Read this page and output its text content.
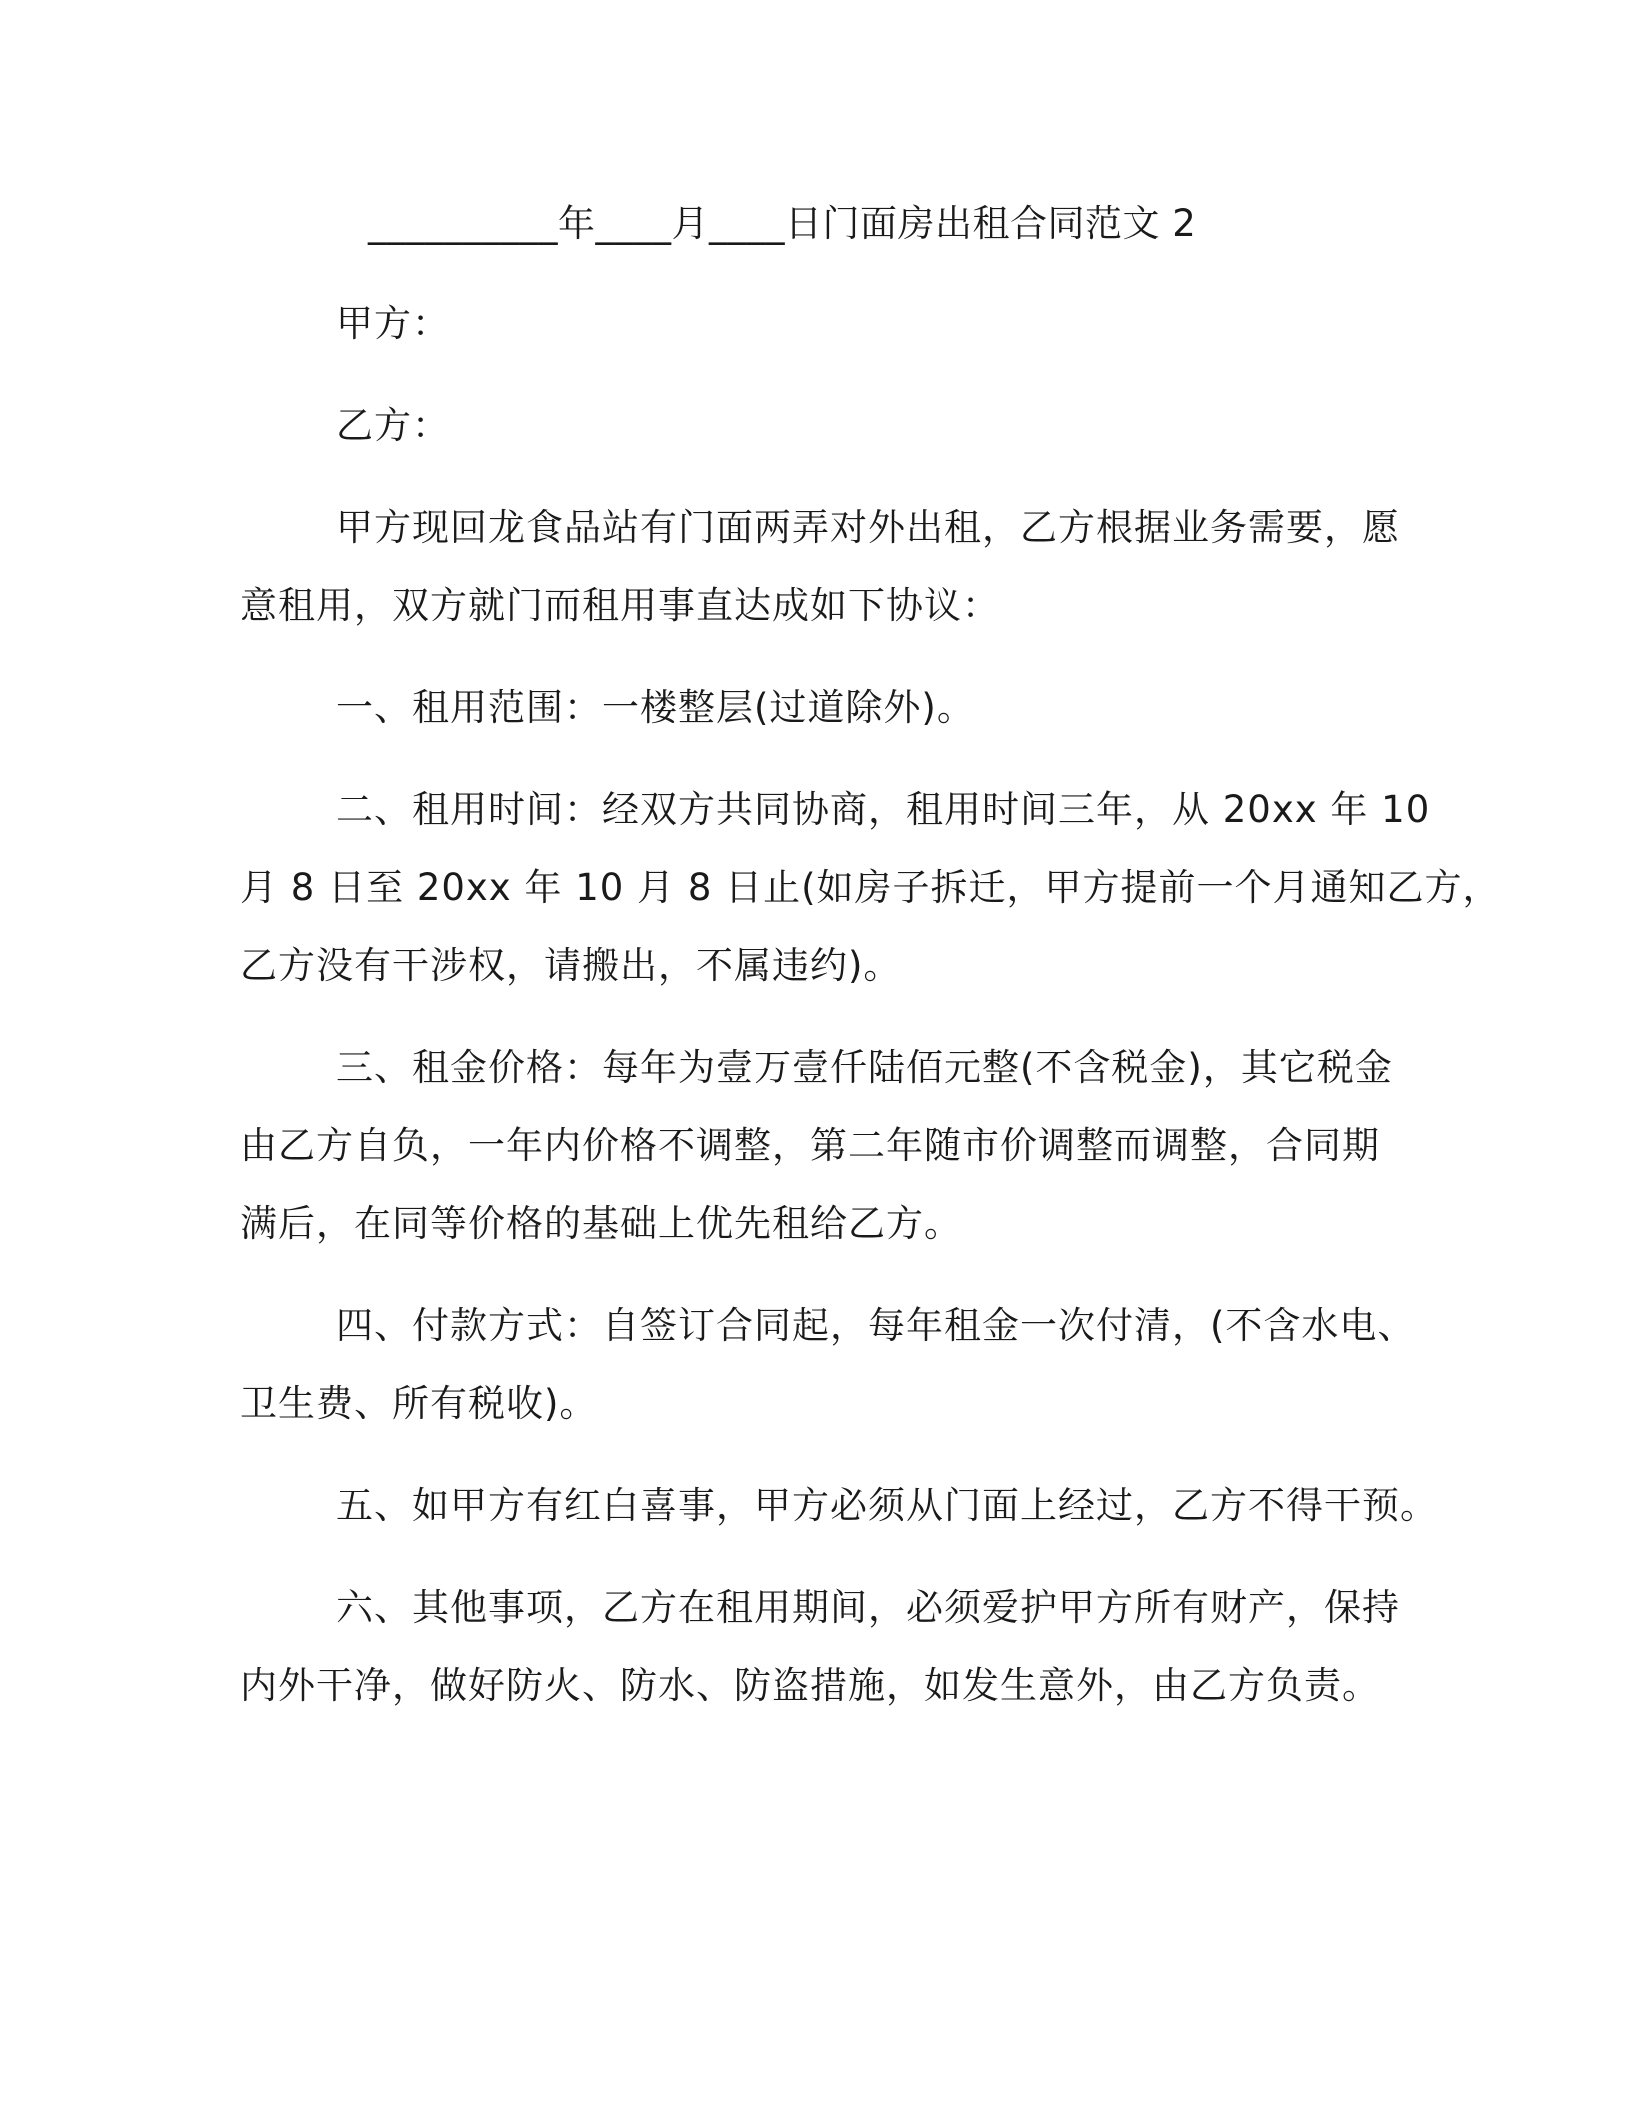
__________年____月____日门面房出租合同范文 2
甲方：
乙方：
甲方现回龙食品站有门面两弄对外出租，乙方根据业务需要，愿
意租用，双方就门而租用事直达成如下协议：
一、租用范围：一楼整层(过道除外)。
二、租用时间：经双方共同协商，租用时间三年，从 20xx 年 10
月 8 日至 20xx 年 10 月 8 日止(如房子拆迁，甲方提前一个月通知乙方，
乙方没有干涉权，请搬出，不属违约)。
三、租金价格：每年为壹万壹仟陆佰元整(不含税金)，其它税金
由乙方自负，一年内价格不调整，第二年随市价调整而调整，合同期
满后，在同等价格的基础上优先租给乙方。
四、付款方式：自签订合同起，每年租金一次付清，(不含水电、
卫生费、所有税收)。
五、如甲方有红白喜事，甲方必须从门面上经过，乙方不得干预。
六、其他事项，乙方在租用期间，必须爱护甲方所有财产，保持
内外干净，做好防火、防水、防盗措施，如发生意外，由乙方负责。
